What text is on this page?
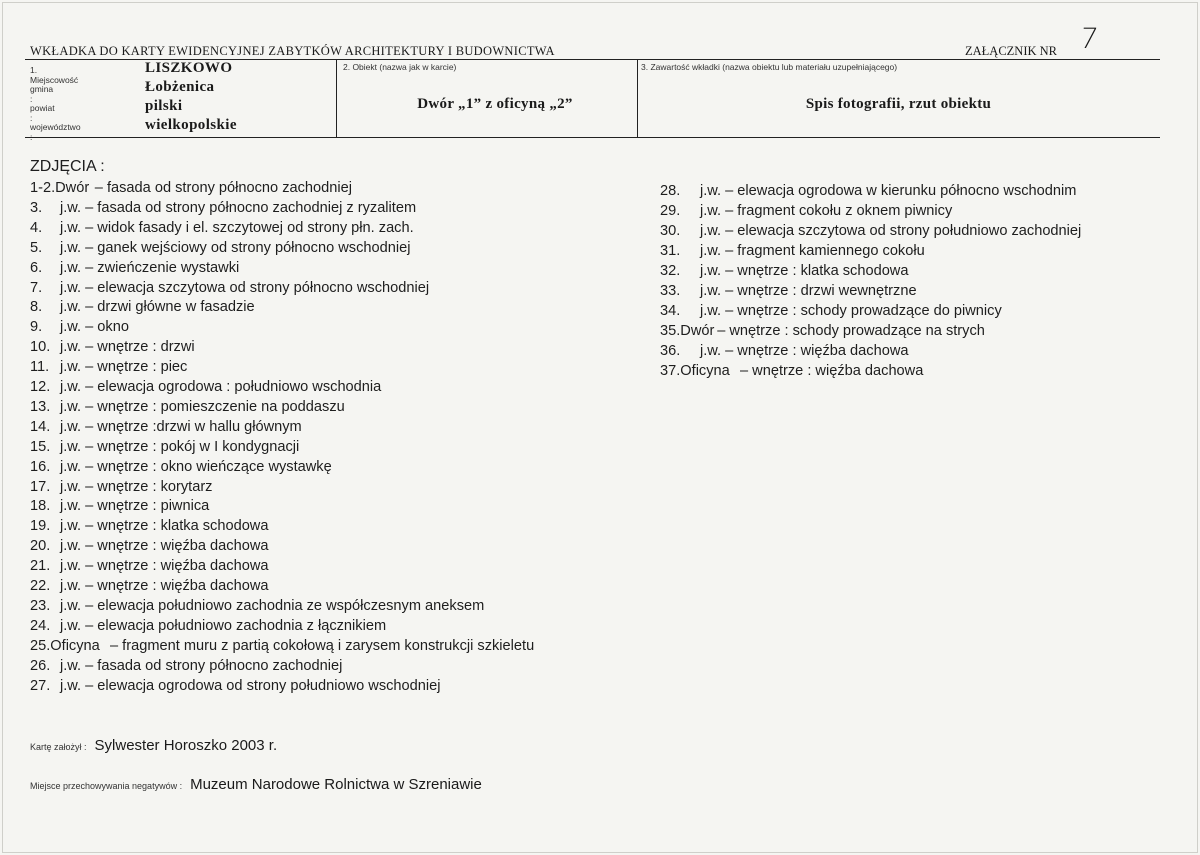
WKŁADKA DO KARTY EWIDENCYJNEJ ZABYTKÓW ARCHITEKTURY I BUDOWNICTWA	ZAŁĄCZNIK NR 7
1. Miejscowość
LISZKOWO
gmina :
Łobżenica
powiat :
pilski
województwo :
wielkopolskie
2. Obiekt (nazwa jak w karcie)
Dwór „1” z oficyną „2”
3. Zawartość wkładki (nazwa obiektu lub materiału uzupełniającego)
Spis fotografii, rzut obiektu
ZDJĘCIA :
1-2.Dwór – fasada od strony północno zachodniej
3. j.w. – fasada od strony północno zachodniej z ryzalitem
4. j.w. – widok fasady i el. szczytowej od strony płn. zach.
5. j.w. – ganek wejściowy od strony północno wschodniej
6. j.w. – zwieńczenie wystawki
7. j.w. – elewacja szczytowa od strony północno wschodniej
8. j.w. – drzwi główne w fasadzie
9. j.w. – okno
10. j.w. – wnętrze : drzwi
11. j.w. – wnętrze : piec
12. j.w. – elewacja ogrodowa : południowo wschodnia
13. j.w. – wnętrze : pomieszczenie na poddaszu
14. j.w. – wnętrze :drzwi w hallu głównym
15. j.w. – wnętrze : pokój w I kondygnacji
16. j.w. – wnętrze : okno wieńczące wystawkę
17. j.w. – wnętrze : korytarz
18. j.w. – wnętrze : piwnica
19. j.w. – wnętrze : klatka schodowa
20. j.w. – wnętrze : więźba dachowa
21. j.w. – wnętrze : więźba dachowa
22. j.w. – wnętrze : więźba dachowa
23. j.w. – elewacja południowo zachodnia ze współczesnym aneksem
24. j.w. – elewacja południowo zachodnia z łącznikiem
25.Oficyna – fragment muru z partią cokołową i zarysem konstrukcji szkieletu
26. j.w. – fasada od strony północno zachodniej
27. j.w. – elewacja ogrodowa od strony południowo wschodniej
28. j.w. – elewacja ogrodowa w kierunku północno wschodnim
29. j.w. – fragment cokołu z oknem piwnicy
30. j.w. – elewacja szczytowa od strony południowo zachodniej
31. j.w. – fragment kamiennego cokołu
32. j.w. – wnętrze : klatka schodowa
33. j.w. – wnętrze : drzwi wewnętrzne
34. j.w. – wnętrze : schody prowadzące do piwnicy
35.Dwór – wnętrze : schody prowadzące na strych
36. j.w. – wnętrze : więźba dachowa
37.Oficyna – wnętrze : więźba dachowa
Kartę założył : Sylwester Horoszko 2003 r.
Miejsce przechowywania negatywów : Muzeum Narodowe Rolnictwa w Szreniawie
